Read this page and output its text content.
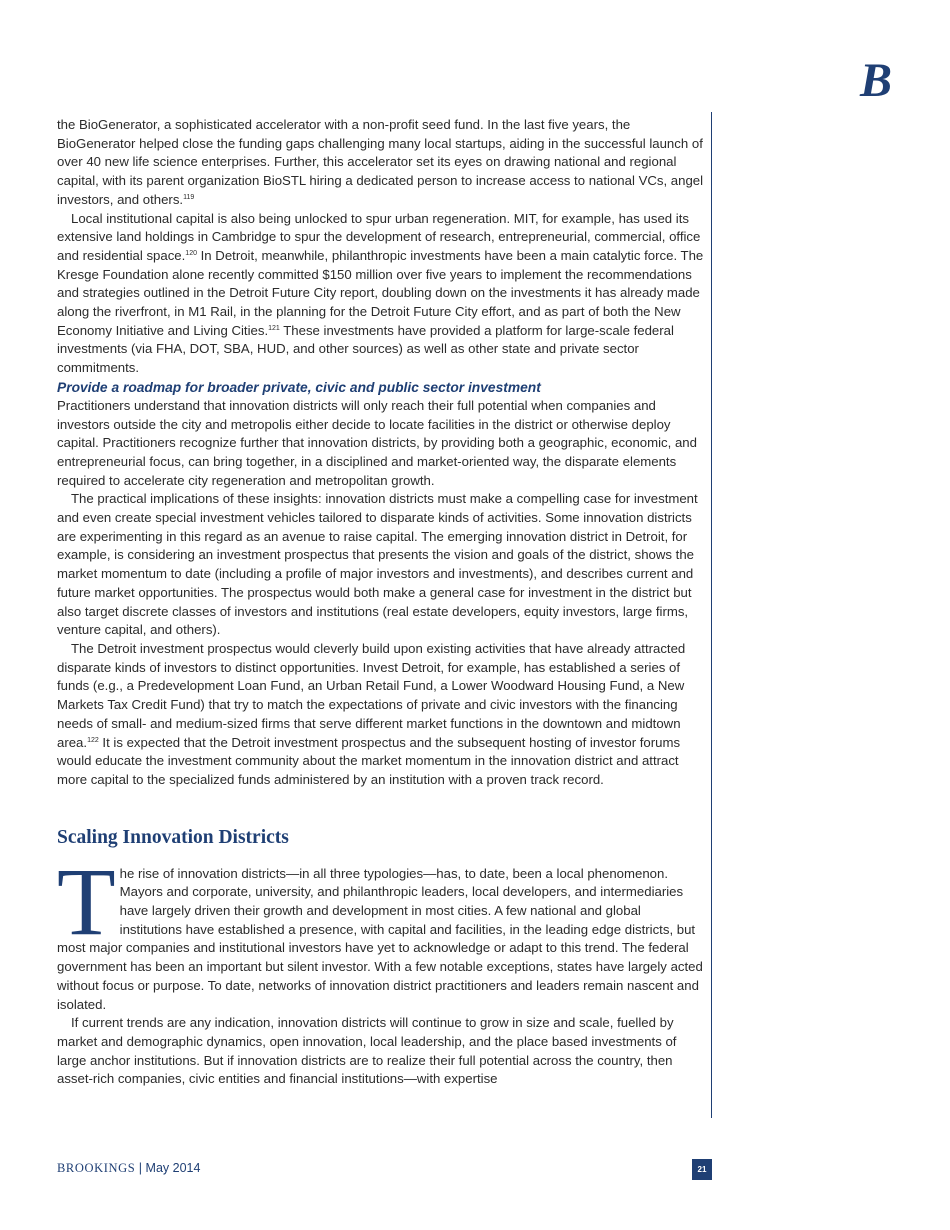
B

the BioGenerator, a sophisticated accelerator with a non-profit seed fund. In the last five years, the BioGenerator helped close the funding gaps challenging many local startups, aiding in the successful launch of over 40 new life science enterprises. Further, this accelerator set its eyes on drawing national and regional capital, with its parent organization BioSTL hiring a dedicated person to increase access to national VCs, angel investors, and others.$^{119}$

Local institutional capital is also being unlocked to spur urban regeneration. MIT, for example, has used its extensive land holdings in Cambridge to spur the development of research, entrepreneurial, commercial, office and residential space.$^{120}$ In Detroit, meanwhile, philanthropic investments have been a main catalytic force. The Kresge Foundation alone recently committed $150 million over five years to implement the recommendations and strategies outlined in the Detroit Future City report, doubling down on the investments it has already made along the riverfront, in M1 Rail, in the planning for the Detroit Future City effort, and as part of both the New Economy Initiative and Living Cities.$^{121}$ These investments have provided a platform for large-scale federal investments (via FHA, DOT, SBA, HUD, and other sources) as well as other state and private sector commitments.

Provide a roadmap for broader private, civic and public sector investment

Practitioners understand that innovation districts will only reach their full potential when companies and investors outside the city and metropolis either decide to locate facilities in the district or otherwise deploy capital. Practitioners recognize further that innovation districts, by providing both a geographic, economic, and entrepreneurial focus, can bring together, in a disciplined and market-oriented way, the disparate elements required to accelerate city regeneration and metropolitan growth.

The practical implications of these insights: innovation districts must make a compelling case for investment and even create special investment vehicles tailored to disparate kinds of activities. Some innovation districts are experimenting in this regard as an avenue to raise capital. The emerging innovation district in Detroit, for example, is considering an investment prospectus that presents the vision and goals of the district, shows the market momentum to date (including a profile of major investors and investments), and describes current and future market opportunities. The prospectus would both make a general case for investment in the district but also target discrete classes of investors and institutions (real estate developers, equity investors, large firms, venture capital, and others).

The Detroit investment prospectus would cleverly build upon existing activities that have already attracted disparate kinds of investors to distinct opportunities. Invest Detroit, for example, has established a series of funds (e.g., a Predevelopment Loan Fund, an Urban Retail Fund, a Lower Woodward Housing Fund, a New Markets Tax Credit Fund) that try to match the expectations of private and civic investors with the financing needs of small- and medium-sized firms that serve different market functions in the downtown and midtown area.$^{122}$ It is expected that the Detroit investment prospectus and the subsequent hosting of investor forums would educate the investment community about the market momentum in the innovation district and attract more capital to the specialized funds administered by an institution with a proven track record.

Scaling Innovation Districts

The rise of innovation districts—in all three typologies—has, to date, been a local phenomenon. Mayors and corporate, university, and philanthropic leaders, local developers, and intermediaries have largely driven their growth and development in most cities. A few national and global institutions have established a presence, with capital and facilities, in the leading edge districts, but most major companies and institutional investors have yet to acknowledge or adapt to this trend. The federal government has been an important but silent investor. With a few notable exceptions, states have largely acted without focus or purpose. To date, networks of innovation district practitioners and leaders remain nascent and isolated.

If current trends are any indication, innovation districts will continue to grow in size and scale, fuelled by market and demographic dynamics, open innovation, local leadership, and the place based investments of large anchor institutions. But if innovation districts are to realize their full potential across the country, then asset-rich companies, civic entities and financial institutions—with expertise

BROOKINGS | May 2014	21
